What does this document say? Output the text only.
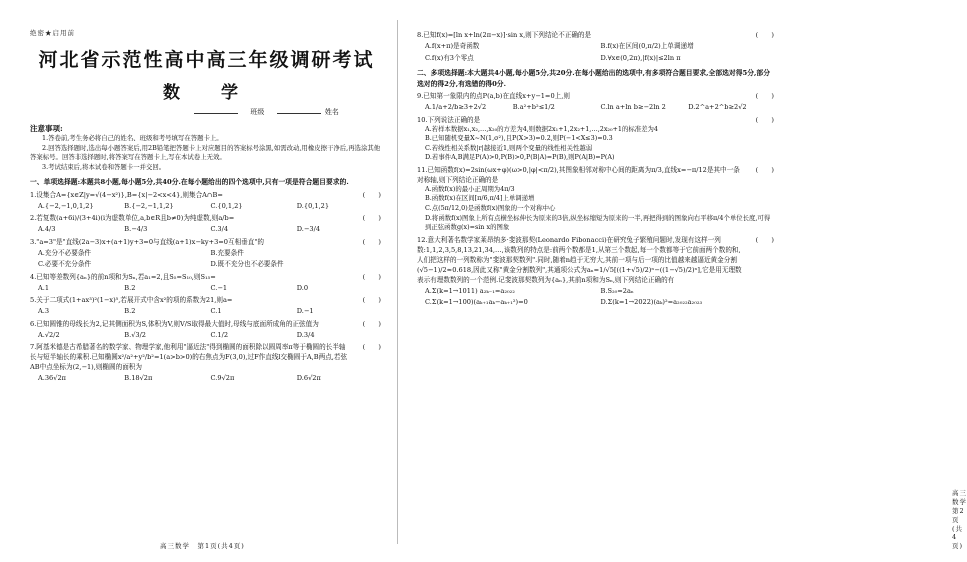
绝密★启用前
河北省示范性高中高三年级调研考试
数　学
班级	姓名
注意事项:

1.答卷前,考生务必将自己的姓名、班级和考号填写在答题卡上。

2.回答选择题时,选出每小题答案后,用2B铅笔把答题卡上对应题目的答案标号涂黑,如需改动,用橡皮擦干净后,再选涂其他答案标号。回答非选择题时,将答案写在答题卡上,写在本试卷上无效。

3.考试结束后,将本试卷和答题卡一并交回。

一、单项选择题:本题共8小题,每小题5分,共40分.在每小题给出的四个选项中,只有一项是符合题目要求的.

1.设集合A={x∈Z|y=√(4−x²)},B={x|−2<x<4},则集合A∩B=	(　　)

A.{−2,−1,0,1,2}	B.{−2,−1,1,2}	C.{0,1,2}	D.{0,1,2}

2.若复数(a+6i)/(3+4i)(i为虚数单位,a,b∈R且b≠0)为纯虚数,则a/b=	(　　)

A.4/3	B.−4/3	C.3/4	D.−3/4

3."a=3"是"直线(2a−3)x+(a+1)y+3=0与直线(a+1)x−ky+3=0互相垂直"的	(　　)

A.充分不必要条件	B.充要条件
C.必要不充分条件	D.既不充分也不必要条件

4.已知等差数列{aₙ}的前n项和为Sₙ,若a₁=2,且S₅=S₁₀,则S₁₅=	(　　)

A.1	B.2	C.−1	D.0

5.关于二项式(1+ax³)²(1−x)⁵,若展开式中含x²的项的系数为21,则a=	(　　)

A.3	B.2	C.1	D.−1

6.已知圆锥的母线长为2,记其侧面积为S,体积为V,则V/S取得最大值时,母线与底面所成角的正弦值为	(　　)

A.√2/2	B.√3/2	C.1/2	D.3/4

7.阿基米德是古希腊著名的数学家、物理学家,他利用"逼近法"得到椭圆的面积除以圆周率π等于椭圆的长半轴长与短半轴长的乘积.已知椭圆x²/a²+y²/b²=1(a>b>0)的右焦点为F(3,0),过F作直线l交椭圆于A,B两点,若弦AB中点坐标为(2,−1),则椭圆的面积为
(　　)

A.36√2π	B.18√2π	C.9√2π	D.6√2π
高三数学　第1页(共4页)

8.已知f(x)=[ln x+ln(2π−x)]·sin x,则下列结论不正确的是	(　　)

A.f(x+π)是奇函数	B.f(x)在区间(0,π/2)上单调递增
C.f(x)有3个零点	D.∀x∈(0,2π),|f(x)|≤2ln π
二、多项选择题:本大题共4小题,每小题5分,共20分.在每小题给出的选项中,有多项符合题目要求,全部选对得5分,部分选对的得2分,有选错的得0分.

9.已知第一象限内的点P(a,b)在直线x+y−1=0上,则	(　　)

A.1/a+2/b≥3+2√2	B.a²+b²≤1/2	C.ln a+ln b≥−2ln 2	D.2^a+2^b≥2√2

10.下列说法正确的是	(　　)

A.若样本数据x₁,x₂,…,x₂₀的方差为4,则数据2x₁+1,2x₂+1,…,2x₂₀+1的标准差为4

B.已知随机变量X~N(1,σ²),且P(X>3)=0.2,则P(−1<X≤3)=0.3

C.若线性相关系数|r|越接近1,则两个变量的线性相关性越弱

D.若事件A,B满足P(A)>0,P(B)>0,P(B|A)=P(B),则P(A|B)=P(A)

11.已知函数f(x)=2sin(ωx+φ)(ω>0,|φ|<π/2),其图象相邻对称中心间的距离为π/3,直线x=−π/12是其中一条对称轴,则下列结论正确的是
(　　)

A.函数f(x)的最小正周期为4π/3

B.函数f(x)在区间[π/6,π/4]上单调递增

C.点(5π/12,0)是函数f(x)图象的一个对称中心

D.将函数f(x)图象上所有点横坐标伸长为原来的3倍,纵坐标缩短为原来的一半,再把得到的图象向右平移π/4个单位长度,可得到正弦函数g(x)=sin x的图象

12.意大利著名数学家莱昂纳多·斐波那契(Leonardo Fibonacci)在研究兔子繁殖问题时,发现有这样一列数:1,1,2,3,5,8,13,21,34,…,该数列的特点是:前两个数都是1,从第三个数起,每一个数都等于它前面两个数的和,人们把这样的一列数称为"斐波那契数列".同时,随着n趋于无穷大,其前一项与后一项的比值越来越逼近黄金分割(√5−1)/2≈0.618,因此又称"黄金分割数列",其通项公式为aₙ=1/√5[((1+√5)/2)ⁿ−((1−√5)/2)ⁿ],它是用无理数表示有理数数列的一个范例.记斐波那契数列为{aₙ},其前n项和为Sₙ,则下列结论正确的有
(　　)

A.Σ(k=1→1011) a₂ₖ₋₁=a₂₀₂₂	B.S₂₀=2aₙ
C.Σ(k=1→100)(aₖ₊₁aₖ−aₖ₊₁²)=0	D.Σ(k=1→2022)(aₖ)²=a₂₀₂₂a₂₀₂₃
高三数学　第2页(共4页)
